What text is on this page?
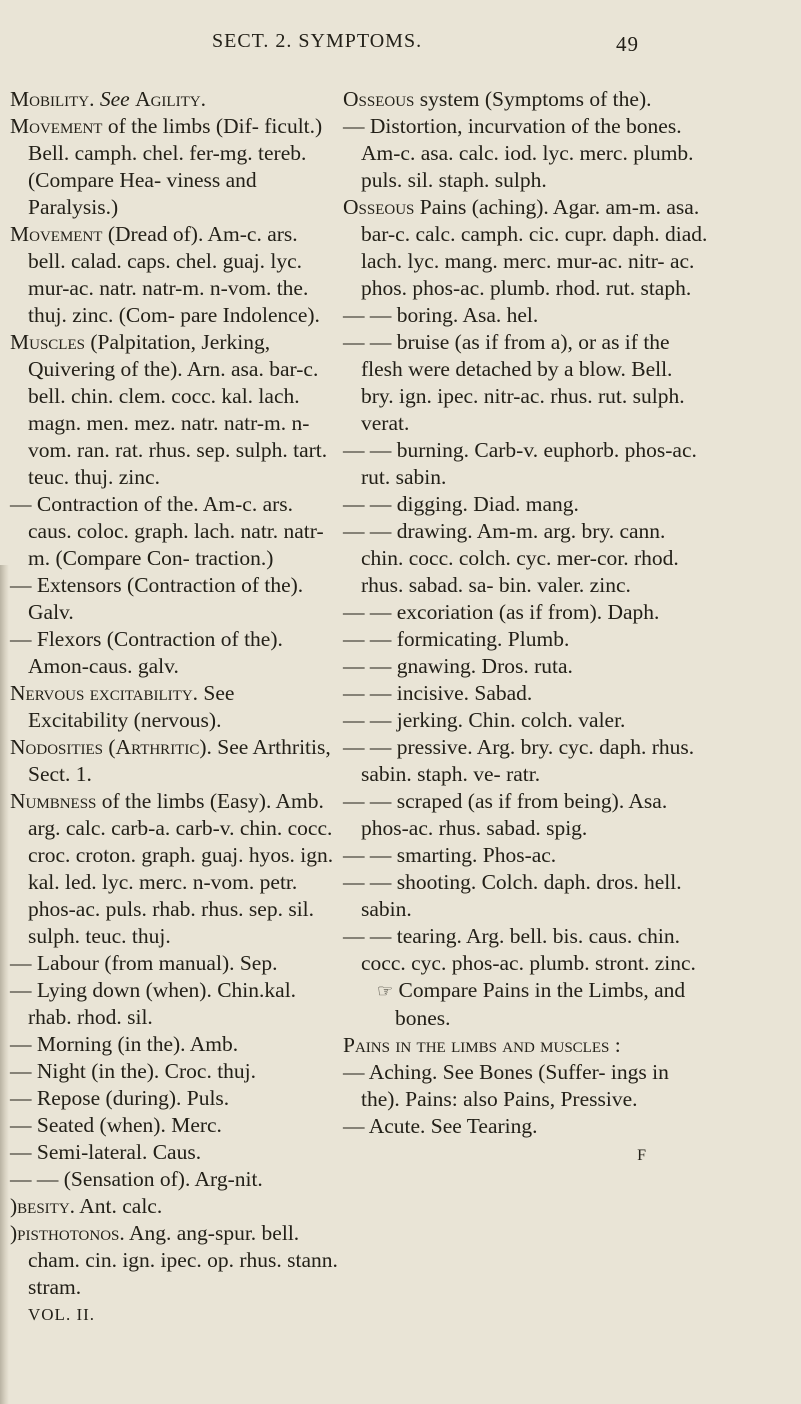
SECT. 2. SYMPTOMS.	49

Mobility. See Agility.

Movement of the limbs (Dif- ficult.) Bell. camph. chel. fer-mg. tereb. (Compare Hea- viness and Paralysis.)

Movement (Dread of). Am-c. ars. bell. calad. caps. chel. guaj. lyc. mur-ac. natr. natr-m. n-vom. the. thuj. zinc. (Com- pare Indolence).

Muscles (Palpitation, Jerking, Quivering of the). Arn. asa. bar-c. bell. chin. clem. cocc. kal. lach. magn. men. mez. natr. natr-m. n-vom. ran. rat. rhus. sep. sulph. tart. teuc. thuj. zinc.

— Contraction of the. Am-c. ars. caus. coloc. graph. lach. natr. natr-m. (Compare Con- traction.)

— Extensors (Contraction of the). Galv.

— Flexors (Contraction of the). Amon-caus. galv.

Nervous excitability. See Excitability (nervous).

Nodosities (Arthritic). See Arthritis, Sect. 1.

Numbness of the limbs (Easy). Amb. arg. calc. carb-a. carb-v. chin. cocc. croc. croton. graph. guaj. hyos. ign. kal. led. lyc. merc. n-vom. petr. phos-ac. puls. rhab. rhus. sep. sil. sulph. teuc. thuj.

— Labour (from manual). Sep.

— Lying down (when). Chin.kal. rhab. rhod. sil.

— Morning (in the). Amb.

— Night (in the). Croc. thuj.

— Repose (during). Puls.

— Seated (when). Merc.

— Semi-lateral. Caus.

— — (Sensation of). Arg-nit.

)besity. Ant. calc.

)pisthotonos. Ang. ang-spur. bell. cham. cin. ign. ipec. op. rhus. stann. stram.

VOL. II.

Osseous system (Symptoms of the).

— Distortion, incurvation of the bones. Am-c. asa. calc. iod. lyc. merc. plumb. puls. sil. staph. sulph.

Osseous Pains (aching). Agar. am-m. asa. bar-c. calc. camph. cic. cupr. daph. diad. lach. lyc. mang. merc. mur-ac. nitr- ac. phos. phos-ac. plumb. rhod. rut. staph.

— — boring. Asa. hel.

— — bruise (as if from a), or as if the flesh were detached by a blow. Bell. bry. ign. ipec. nitr-ac. rhus. rut. sulph. verat.

— — burning. Carb-v. euphorb. phos-ac. rut. sabin.

— — digging. Diad. mang.

— — drawing. Am-m. arg. bry. cann. chin. cocc. colch. cyc. mer-cor. rhod. rhus. sabad. sa- bin. valer. zinc.

— — excoriation (as if from). Daph.

— — formicating. Plumb.

— — gnawing. Dros. ruta.

— — incisive. Sabad.

— — jerking. Chin. colch. valer.

— — pressive. Arg. bry. cyc. daph. rhus. sabin. staph. ve- ratr.

— — scraped (as if from being). Asa. phos-ac. rhus. sabad. spig.

— — smarting. Phos-ac.

— — shooting. Colch. daph. dros. hell. sabin.

— — tearing. Arg. bell. bis. caus. chin. cocc. cyc. phos-ac. plumb. stront. zinc.

☞ Compare Pains in the Limbs, and bones.

Pains in the limbs and muscles :

— Aching. See Bones (Suffer- ings in the). Pains: also Pains, Pressive.

— Acute. See Tearing.

F
